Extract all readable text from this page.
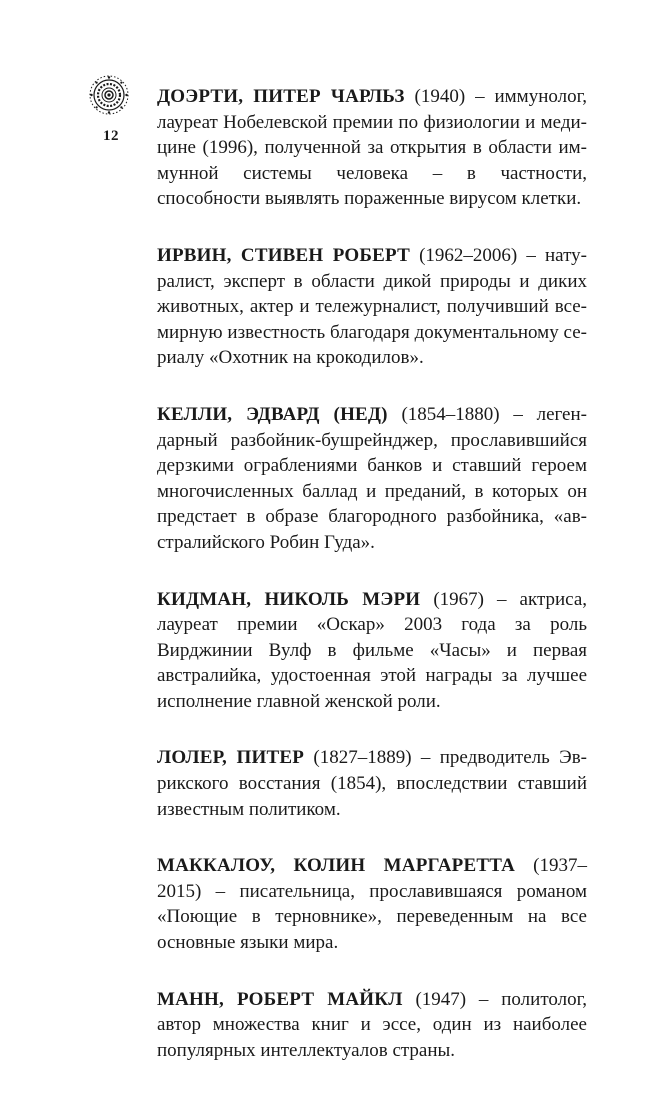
12

ДОЭРТИ, ПИТЕР ЧАРЛЬЗ (1940) – иммунолог, лауреат Нобелевской премии по физиологии и медицине (1996), полученной за открытия в области иммунной системы человека – в частности, способности выявлять пораженные вирусом клетки.

ИРВИН, СТИВЕН РОБЕРТ (1962–2006) – натуралист, эксперт в области дикой природы и диких животных, актер и тележурналист, получивший всемирную известность благодаря документальному сериалу «Охотник на крокодилов».

КЕЛЛИ, ЭДВАРД (НЕД) (1854–1880) – легендарный разбойник-бушрейнджер, прославившийся дерзкими ограблениями банков и ставший героем многочисленных баллад и преданий, в которых он предстает в образе благородного разбойника, «австралийского Робин Гуда».

КИДМАН, НИКОЛЬ МЭРИ (1967) – актриса, лауреат премии «Оскар» 2003 года за роль Вирджинии Вулф в фильме «Часы» и первая австралийка, удостоенная этой награды за лучшее исполнение главной женской роли.

ЛОЛЕР, ПИТЕР (1827–1889) – предводитель Эврикского восстания (1854), впоследствии ставший известным политиком.

МАККАЛОУ, КОЛИН МАРГАРЕТТА (1937–2015) – писательница, прославившаяся романом «Поющие в терновнике», переведенным на все основные языки мира.

МАНН, РОБЕРТ МАЙКЛ (1947) – политолог, автор множества книг и эссе, один из наиболее популярных интеллектуалов страны.
